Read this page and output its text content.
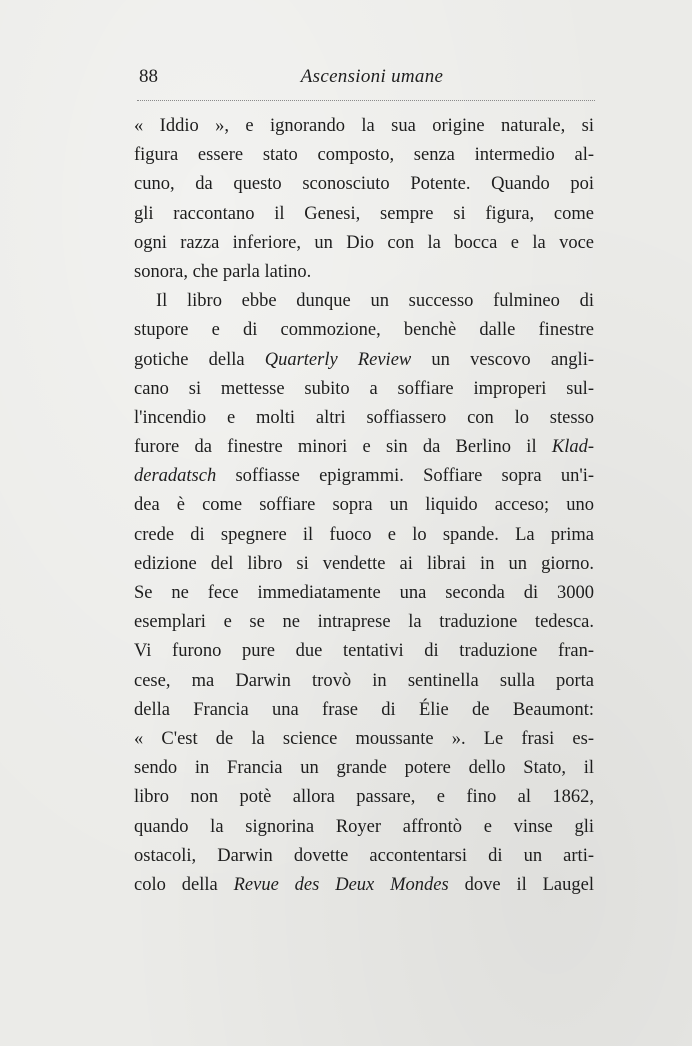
88	Ascensioni umane
« Iddio », e ignorando la sua origine naturale, si
figura essere stato composto, senza intermedio al-
cuno, da questo sconosciuto Potente. Quando poi
gli raccontano il Genesi, sempre si figura, come
ogni razza inferiore, un Dio con la bocca e la voce
sonora, che parla latino.
Il libro ebbe dunque un successo fulmineo di
stupore e di commozione, benchè dalle finestre
gotiche della Quarterly Review un vescovo angli-
cano si mettesse subito a soffiare improperi sul-
l'incendio e molti altri soffiassero con lo stesso
furore da finestre minori e sin da Berlino il Klad-
deradatsch soffiasse epigrammi. Soffiare sopra un'i-
dea è come soffiare sopra un liquido acceso; uno
crede di spegnere il fuoco e lo spande. La prima
edizione del libro si vendette ai librai in un giorno.
Se ne fece immediatamente una seconda di 3000
esemplari e se ne intraprese la traduzione tedesca.
Vi furono pure due tentativi di traduzione fran-
cese, ma Darwin trovò in sentinella sulla porta
della Francia una frase di Élie de Beaumont:
« C'est de la science moussante ». Le frasi es-
sendo in Francia un grande potere dello Stato, il
libro non potè allora passare, e fino al 1862,
quando la signorina Royer affrontò e vinse gli
ostacoli, Darwin dovette accontentarsi di un arti-
colo della Revue des Deux Mondes dove il Laugel
